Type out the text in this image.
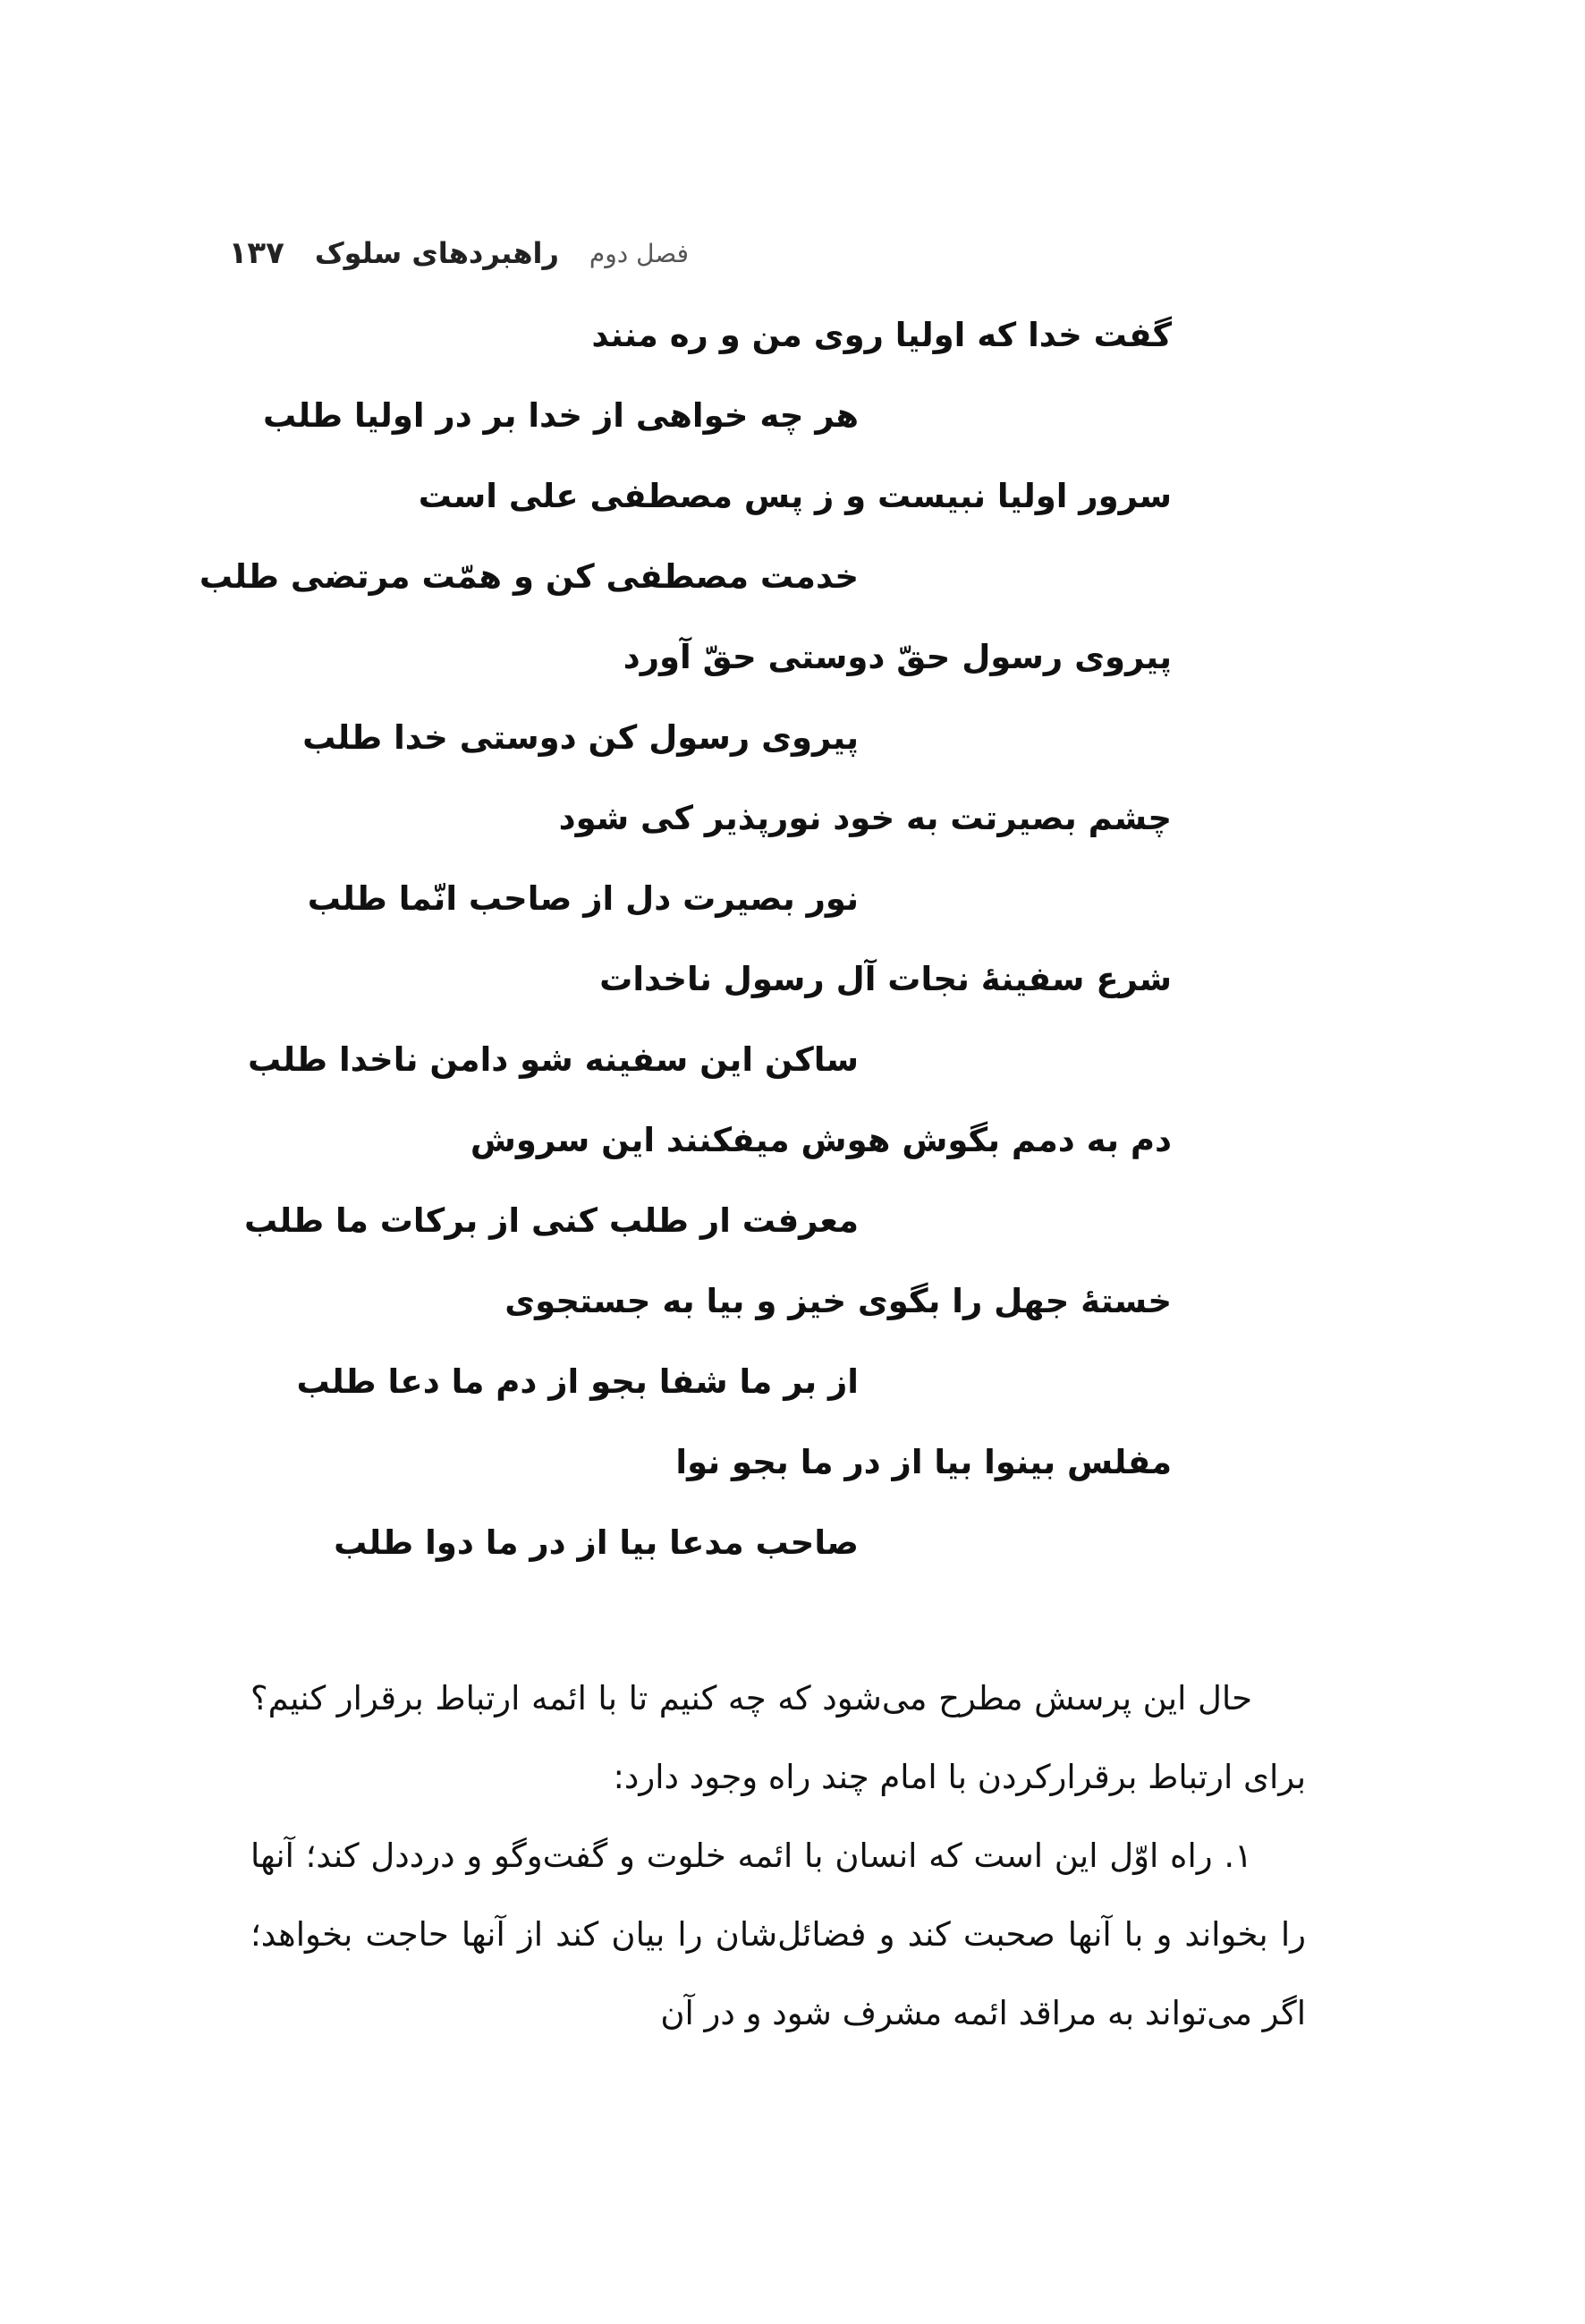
فصل دوم
راهبردهای سلوک
۱۳۷
گفت خدا که اولیا روی من و ره منند
هر چه خواهی از خدا بر در اولیا طلب
سرور اولیا نبیست و ز پس مصطفی علی است
خدمت مصطفی کن و همّت مرتضی طلب
پیروی رسول حقّ دوستی حقّ آورد
پیروی رسول کن دوستی خدا طلب
چشم بصیرتت به خود نورپذیر کی شود
نور بصیرت دل از صاحب انّما طلب
شرع سفینهٔ نجات آل رسول ناخدات
ساکن این سفینه شو دامن ناخدا طلب
دم به دمم بگوش هوش میفکنند این سروش
معرفت ار طلب کنی از برکات ما طلب
خستهٔ جهل را بگوی خیز و بیا به جستجوی
از بر ما شفا بجو از دم ما دعا طلب
مفلس بینوا بیا از در ما بجو نوا
صاحب مدعا بیا از در ما دوا طلب

حال این پرسش مطرح می‌شود که چه کنیم تا با ائمه ارتباط برقرار کنیم؟ برای ارتباط برقرارکردن با امام چند راه وجود دارد:

۱. راه اوّل این است که انسان با ائمه خلوت و گفت‌وگو و درددل کند؛ آنها را بخواند و با آنها صحبت کند و فضائل‌شان را بیان کند از آنها حاجت بخواهد؛ اگر می‌تواند به مراقد ائمه مشرف شود و در آن
